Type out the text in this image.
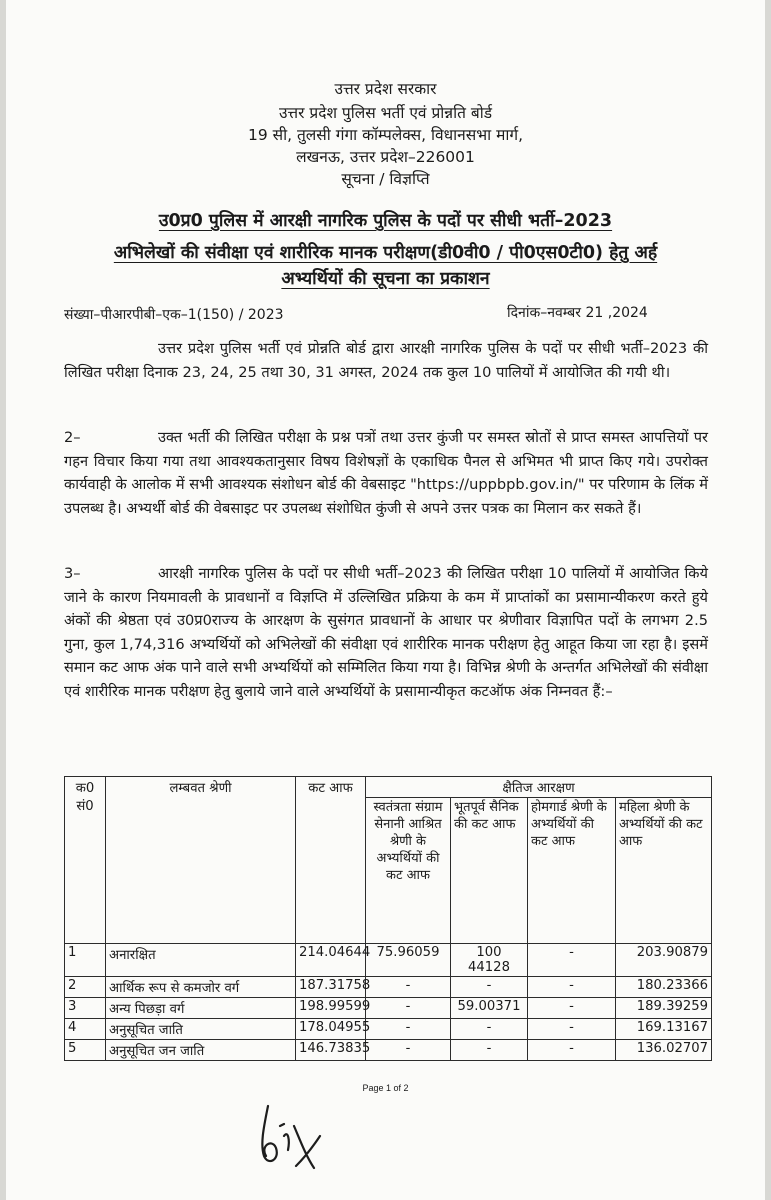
उत्तर प्रदेश सरकार
उत्तर प्रदेश पुलिस भर्ती एवं प्रोन्नति बोर्ड
19 सी, तुलसी गंगा कॉम्पलेक्स, विधानसभा मार्ग,
लखनऊ, उत्तर प्रदेश–226001
सूचना / विज्ञप्ति
उ0प्र0 पुलिस में आरक्षी नागरिक पुलिस के पदों पर सीधी भर्ती–2023
अभिलेखों की संवीक्षा एवं शारीरिक मानक परीक्षण(डी0वी0 / पी0एस0टी0) हेतु अर्ह
अभ्यर्थियों की सूचना का प्रकाशन
संख्या–पीआरपीबी–एक–1(150) / 2023	दिनांक–नवम्बर 21 ,2024
उत्तर प्रदेश पुलिस भर्ती एवं प्रोन्नति बोर्ड द्वारा आरक्षी नागरिक पुलिस के पदों पर सीधी भर्ती–2023 की लिखित परीक्षा दिनाक 23, 24, 25 तथा 30, 31 अगस्त, 2024 तक कुल 10 पालियों में आयोजित की गयी थी।
2–	उक्त भर्ती की लिखित परीक्षा के प्रश्न पत्रों तथा उत्तर कुंजी पर समस्त स्रोतों से प्राप्त समस्त आपत्तियों पर गहन विचार किया गया तथा आवश्यकतानुसार विषय विशेषज्ञों के एकाधिक पैनल से अभिमत भी प्राप्त किए गये। उपरोक्त कार्यवाही के आलोक में सभी आवश्यक संशोधन बोर्ड की वेबसाइट "https://uppbpb.gov.in/" पर परिणाम के लिंक में उपलब्ध है। अभ्यर्थी बोर्ड की वेबसाइट पर उपलब्ध संशोधित कुंजी से अपने उत्तर पत्रक का मिलान कर सकते हैं।
3–	आरक्षी नागरिक पुलिस के पदों पर सीधी भर्ती–2023 की लिखित परीक्षा 10 पालियों में आयोजित किये जाने के कारण नियमावली के प्रावधानों व विज्ञप्ति में उल्लिखित प्रक्रिया के कम में प्राप्तांकों का प्रसामान्यीकरण करते हुये अंकों की श्रेष्ठता एवं उ0प्र0राज्य के आरक्षण के सुसंगत प्रावधानों के आधार पर श्रेणीवार विज्ञापित पदों के लगभग 2.5 गुना, कुल 1,74,316 अभ्यर्थियों को अभिलेखों की संवीक्षा एवं शारीरिक मानक परीक्षण हेतु आहूत किया जा रहा है। इसमें समान कट आफ अंक पाने वाले सभी अभ्यर्थियों को सम्मिलित किया गया है। विभिन्न श्रेणी के अन्तर्गत अभिलेखों की संवीक्षा एवं शारीरिक मानक परीक्षण हेतु बुलाये जाने वाले अभ्यर्थियों के प्रसामान्यीकृत कटऑफ अंक निम्नवत हैं:–
क0 सं0	लम्बवत श्रेणी	कट आफ	क्षैतिज आरक्षण			
			स्वतंत्रता संग्राम सेनानी आश्रित श्रेणी के अभ्यर्थियों की कट आफ	भूतपूर्व सैनिक की कट आफ	होमगार्ड श्रेणी के अभ्यर्थियों की कट आफ	महिला श्रेणी के अभ्यर्थियों की कट आफ
1	अनारक्षित	214.04644	75.96059	100 44128	-	203.90879
2	आर्थिक रूप से कमजोर वर्ग	187.31758	-	-	-	180.23366
3	अन्य पिछड़ा वर्ग	198.99599	-	59.00371	-	189.39259
4	अनुसूचित जाति	178.04955	-	-	-	169.13167
5	अनुसूचित जन जाति	146.73835	-	-	-	136.02707
Page 1 of 2
